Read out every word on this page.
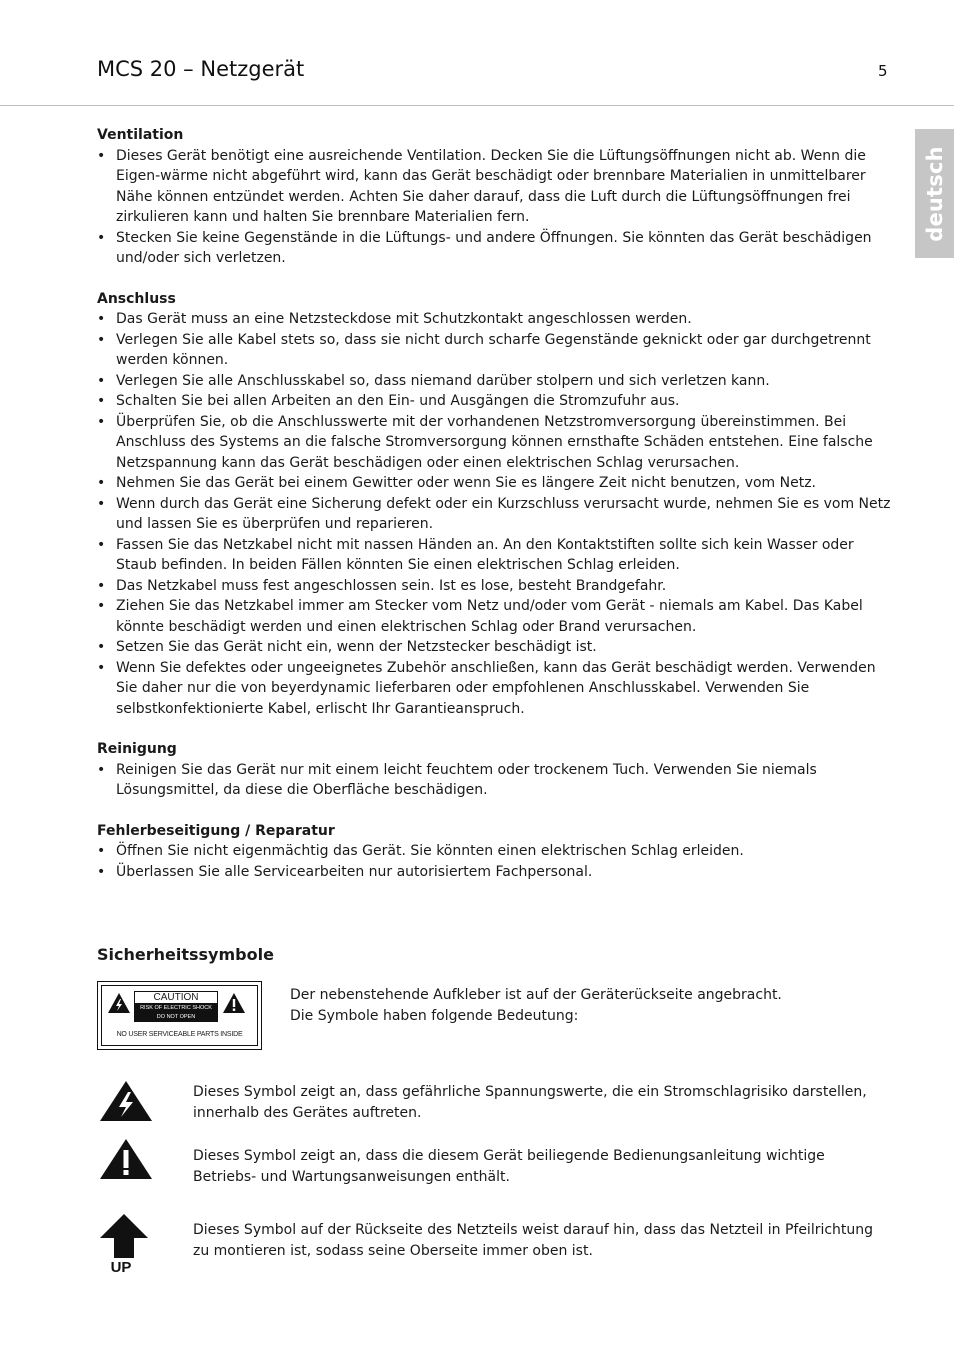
MCS 20 – Netzgerät	5
deutsch
Ventilation
• Dieses Gerät benötigt eine ausreichende Ventilation. Decken Sie die Lüftungsöffnungen nicht ab. Wenn die Eigen-wärme nicht abgeführt wird, kann das Gerät beschädigt oder brennbare Materialien in unmittelbarer Nähe können entzündet werden. Achten Sie daher darauf, dass die Luft durch die Lüftungsöffnungen frei zirkulieren kann und halten Sie brennbare Materialien fern.
• Stecken Sie keine Gegenstände in die Lüftungs- und andere Öffnungen. Sie könnten das Gerät beschädigen und/oder sich verletzen.
Anschluss
• Das Gerät muss an eine Netzsteckdose mit Schutzkontakt angeschlossen werden.
• Verlegen Sie alle Kabel stets so, dass sie nicht durch scharfe Gegenstände geknickt oder gar durchgetrennt werden können.
• Verlegen Sie alle Anschlusskabel so, dass niemand darüber stolpern und sich verletzen kann.
• Schalten Sie bei allen Arbeiten an den Ein- und Ausgängen die Stromzufuhr aus.
• Überprüfen Sie, ob die Anschlusswerte mit der vorhandenen Netzstromversorgung übereinstimmen. Bei Anschluss des Systems an die falsche Stromversorgung können ernsthafte Schäden entstehen. Eine falsche Netzspannung kann das Gerät beschädigen oder einen elektrischen Schlag verursachen.
• Nehmen Sie das Gerät bei einem Gewitter oder wenn Sie es längere Zeit nicht benutzen, vom Netz.
• Wenn durch das Gerät eine Sicherung defekt oder ein Kurzschluss verursacht wurde, nehmen Sie es vom Netz und lassen Sie es überprüfen und reparieren.
• Fassen Sie das Netzkabel nicht mit nassen Händen an. An den Kontaktstiften sollte sich kein Wasser oder Staub befinden. In beiden Fällen könnten Sie einen elektrischen Schlag erleiden.
• Das Netzkabel muss fest angeschlossen sein. Ist es lose, besteht Brandgefahr.
• Ziehen Sie das Netzkabel immer am Stecker vom Netz und/oder vom Gerät - niemals am Kabel. Das Kabel könnte beschädigt werden und einen elektrischen Schlag oder Brand verursachen.
• Setzen Sie das Gerät nicht ein, wenn der Netzstecker beschädigt ist.
• Wenn Sie defektes oder ungeeignetes Zubehör anschließen, kann das Gerät beschädigt werden. Verwenden Sie daher nur die von beyerdynamic lieferbaren oder empfohlenen Anschlusskabel. Verwenden Sie selbstkonfektionierte Kabel, erlischt Ihr Garantieanspruch.
Reinigung
• Reinigen Sie das Gerät nur mit einem leicht feuchtem oder trockenem Tuch. Verwenden Sie niemals Lösungsmittel, da diese die Oberfläche beschädigen.
Fehlerbeseitigung / Reparatur
• Öffnen Sie nicht eigenmächtig das Gerät. Sie könnten einen elektrischen Schlag erleiden.
• Überlassen Sie alle Servicearbeiten nur autorisiertem Fachpersonal.
Sicherheitssymbole
CAUTION
RISK OF ELECTRIC SHOCK
DO NOT OPEN
NO USER SERVICEABLE PARTS INSIDE
Der nebenstehende Aufkleber ist auf der Geräterückseite angebracht.
Die Symbole haben folgende Bedeutung:
Dieses Symbol zeigt an, dass gefährliche Spannungswerte, die ein Stromschlagrisiko darstellen, innerhalb des Gerätes auftreten.
Dieses Symbol zeigt an, dass die diesem Gerät beiliegende Bedienungsanleitung wichtige Betriebs- und Wartungsanweisungen enthält.
UP
Dieses Symbol auf der Rückseite des Netzteils weist darauf hin, dass das Netzteil in Pfeilrichtung zu montieren ist, sodass seine Oberseite immer oben ist.
